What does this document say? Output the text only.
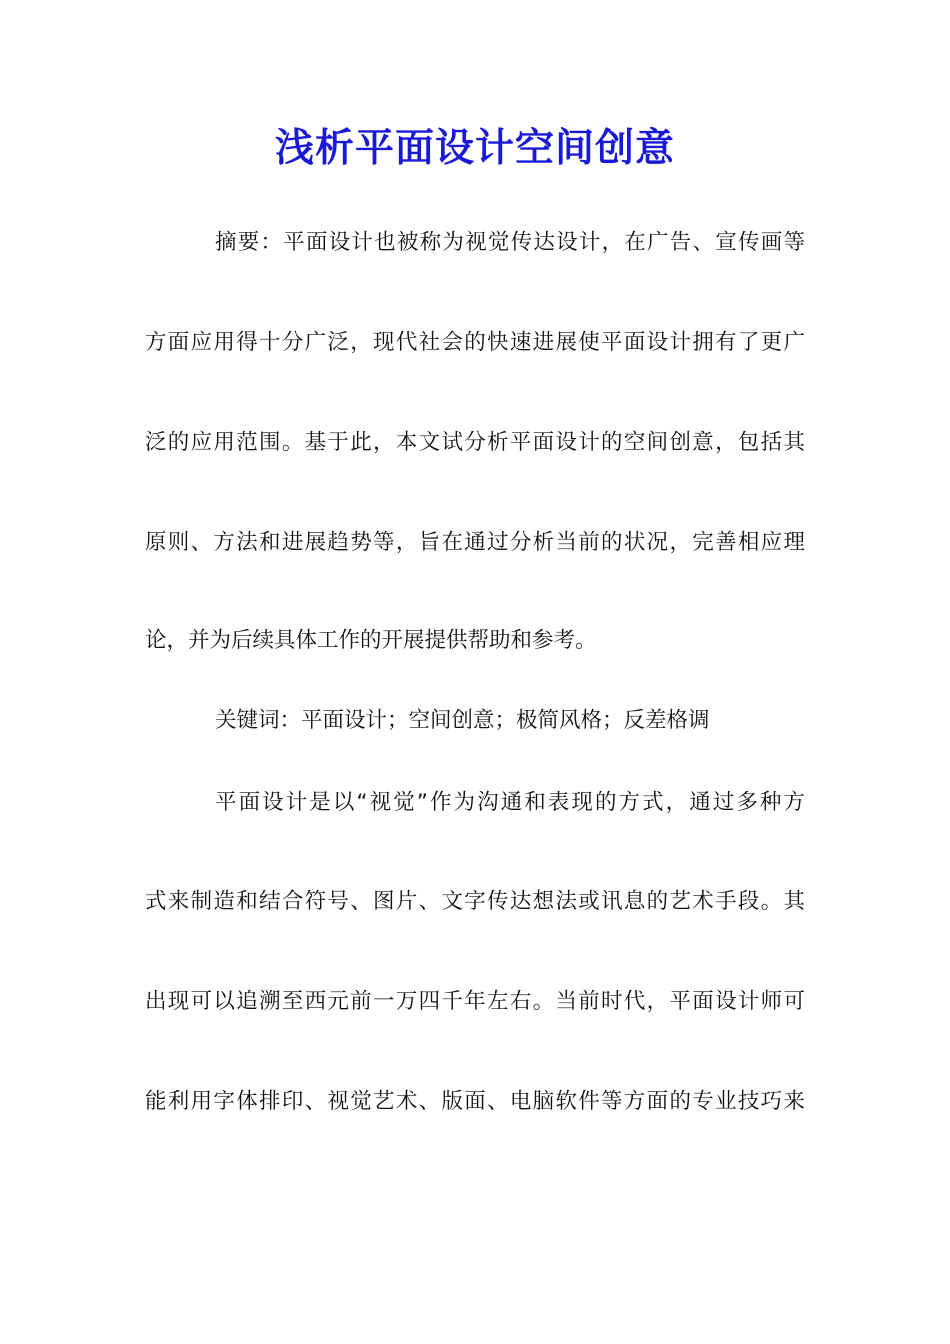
浅析平面设计空间创意

摘要：平面设计也被称为视觉传达设计，在广告、宣传画等

方面应用得十分广泛，现代社会的快速进展使平面设计拥有了更广

泛的应用范围。基于此，本文试分析平面设计的空间创意，包括其

原则、方法和进展趋势等，旨在通过分析当前的状况，完善相应理

论，并为后续具体工作的开展提供帮助和参考。

关键词：平面设计；空间创意；极简风格；反差格调

平面设计是以“视觉”作为沟通和表现的方式，通过多种方

式来制造和结合符号、图片、文字传达想法或讯息的艺术手段。其

出现可以追溯至西元前一万四千年左右。当前时代，平面设计师可

能利用字体排印、视觉艺术、版面、电脑软件等方面的专业技巧来
